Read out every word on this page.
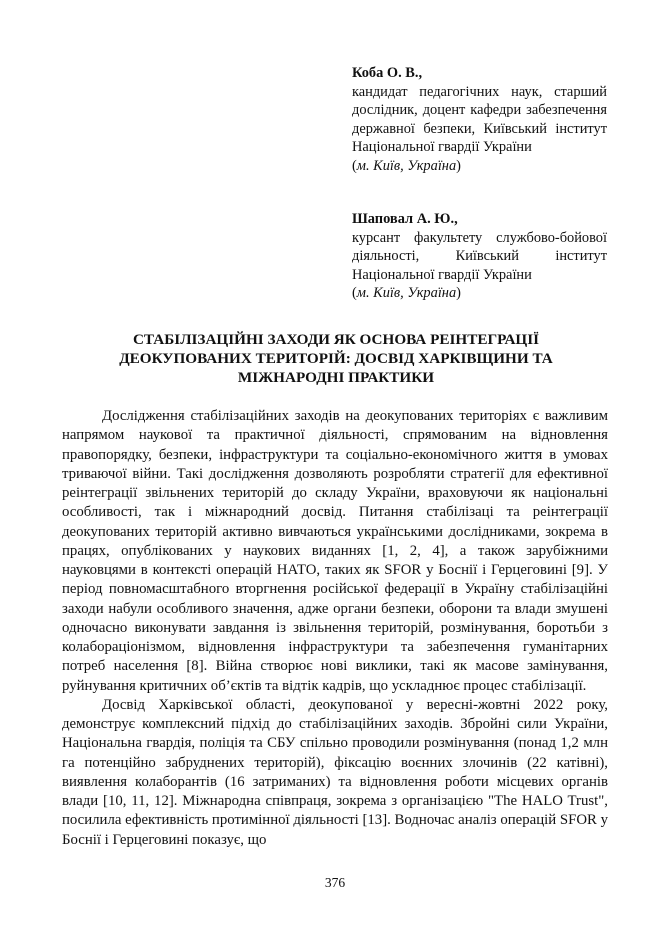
Коба О. В.,
кандидат педагогічних наук, старший дослідник, доцент кафедри забезпечення державної безпеки, Київський інститут Національної гвардії України
(м. Київ, Україна)
Шаповал А. Ю.,
курсант факультету службово-бойової діяльності, Київський інститут Національної гвардії України
(м. Київ, Україна)
СТАБІЛІЗАЦІЙНІ ЗАХОДИ ЯК ОСНОВА РЕІНТЕГРАЦІЇ ДЕОКУПОВАНИХ ТЕРИТОРІЙ: ДОСВІД ХАРКІВЩИНИ ТА МІЖНАРОДНІ ПРАКТИКИ

Дослідження стабілізаційних заходів на деокупованих територіях є важливим напрямом наукової та практичної діяльності, спрямованим на відновлення правопорядку, безпеки, інфраструктури та соціально-економічного життя в умовах триваючої війни. Такі дослідження дозволяють розробляти стратегії для ефективної реінтеграції звільнених територій до складу України, враховуючи як національні особливості, так і міжнародний досвід. Питання стабілізаці та реінтеграції деокупованих територій активно вивчаються українськими дослідниками, зокрема в працях, опублікованих у наукових виданнях [1, 2, 4], а також зарубіжними науковцями в контексті операцій НАТО, таких як SFOR у Боснії і Герцеговині [9]. У період повномасштабного вторгнення російської федерації в Україну стабілізаційні заходи набули особливого значення, адже органи безпеки, оборони та влади змушені одночасно виконувати завдання із звільнення територій, розмінування, боротьби з колабораціонізмом, відновлення інфраструктури та забезпечення гуманітарних потреб населення [8]. Війна створює нові виклики, такі як масове замінування, руйнування критичних об’єктів та відтік кадрів, що ускладнює процес стабілізації.

Досвід Харківської області, деокупованої у вересні-жовтні 2022 року, демонструє комплексний підхід до стабілізаційних заходів. Збройні сили України, Національна гвардія, поліція та СБУ спільно проводили розмінування (понад 1,2 млн га потенційно забруднених територій), фіксацію воєнних злочинів (22 катівні), виявлення колаборантів (16 затриманих) та відновлення роботи місцевих органів влади [10, 11, 12]. Міжнародна співпраця, зокрема з організацією "The HALO Trust", посилила ефективність протимінної діяльності [13]. Водночас аналіз операцій SFOR у Боснії і Герцеговині показує, що

376
